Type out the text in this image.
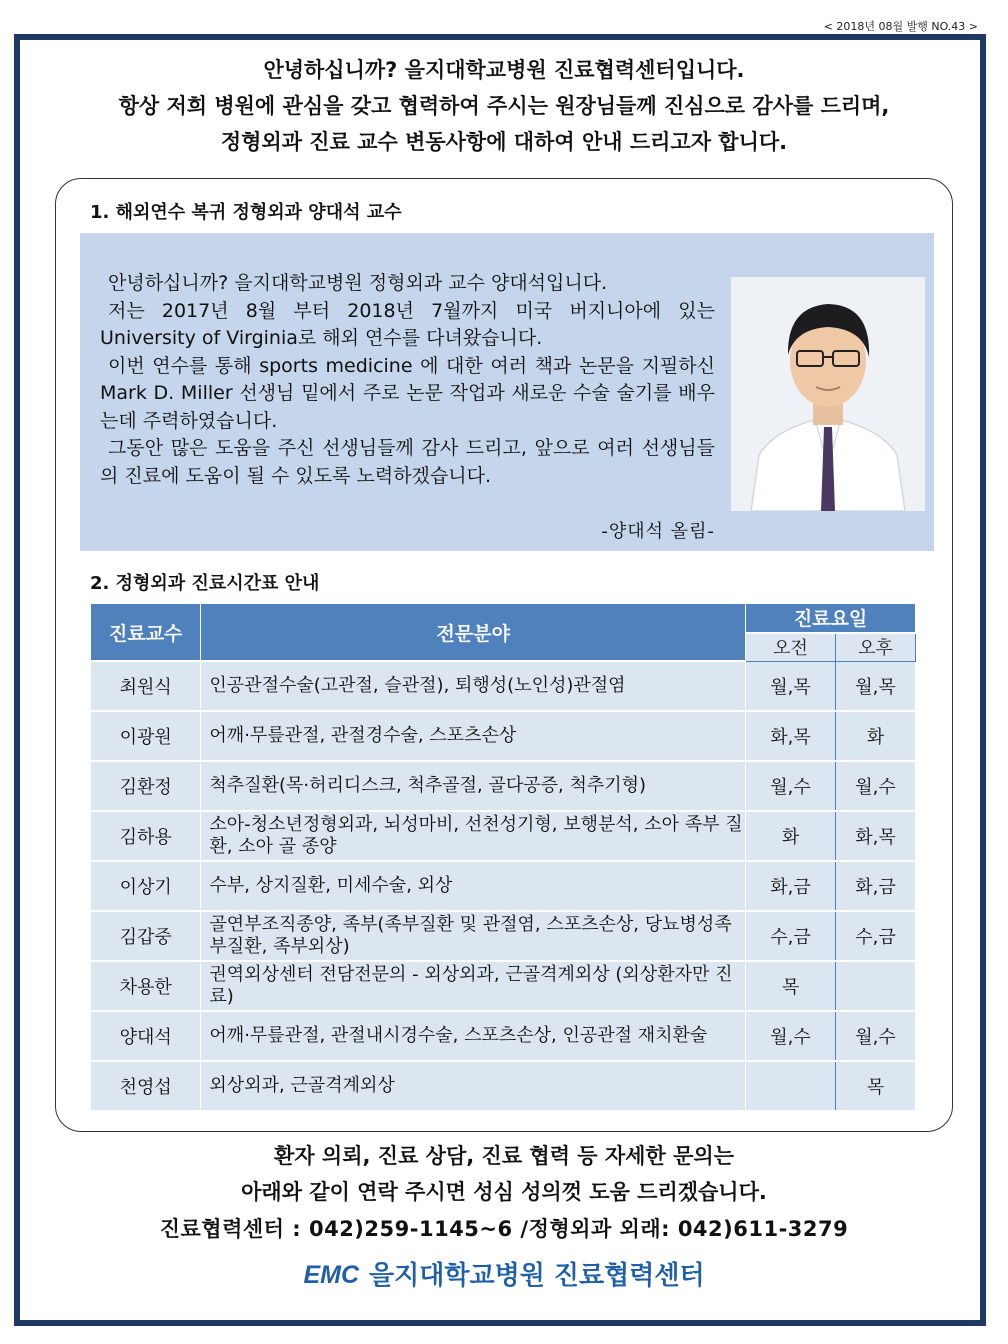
< 2018년 08월 발행 NO.43 >
안녕하십니까? 을지대학교병원 진료협력센터입니다.
항상 저희 병원에 관심을 갖고 협력하여 주시는 원장님들께 진심으로 감사를 드리며,
정형외과 진료 교수 변동사항에 대하여 안내 드리고자 합니다.
1. 해외연수 복귀 정형외과 양대석 교수

안녕하십니까? 을지대학교병원 정형외과 교수 양대석입니다.

저는 2017년 8월 부터 2018년 7월까지 미국 버지니아에 있는 University of Virginia로 해외 연수를 다녀왔습니다.

이번 연수를 통해 sports medicine 에 대한 여러 책과 논문을 지필하신 Mark D. Miller 선생님 밑에서 주로 논문 작업과 새로운 수술 술기를 배우는데 주력하였습니다.

그동안 많은 도움을 주신 선생님들께 감사 드리고, 앞으로 여러 선생님들의 진료에 도움이 될 수 있도록 노력하겠습니다.

-양대석 올림-
2. 정형외과 진료시간표 안내
진료교수	전문분야	진료요일	
		오전	오후
최원식	인공관절수술(고관절, 슬관절), 퇴행성(노인성)관절염	월,목	월,목
이광원	어깨·무릎관절, 관절경수술, 스포츠손상	화,목	화
김환정	척추질환(목·허리디스크, 척추골절, 골다공증, 척추기형)	월,수	월,수
김하용	소아-청소년정형외과, 뇌성마비, 선천성기형, 보행분석, 소아 족부 질환, 소아 골 종양	화	화,목
이상기	수부, 상지질환, 미세수술, 외상	화,금	화,금
김갑중	골연부조직종양, 족부(족부질환 및 관절염, 스포츠손상, 당뇨병성족부질환, 족부외상)	수,금	수,금
차용한	권역외상센터 전담전문의 - 외상외과, 근골격계외상 (외상환자만 진료)	목	
양대석	어깨·무릎관절, 관절내시경수술, 스포츠손상, 인공관절 재치환술	월,수	월,수
천영섭	외상외과, 근골격계외상		목
환자 의뢰, 진료 상담, 진료 협력 등 자세한 문의는
아래와 같이 연락 주시면 성심 성의껏 도움 드리겠습니다.
진료협력센터 : 042)259-1145~6 /정형외과 외래: 042)611-3279
EMC 을지대학교병원 진료협력센터
